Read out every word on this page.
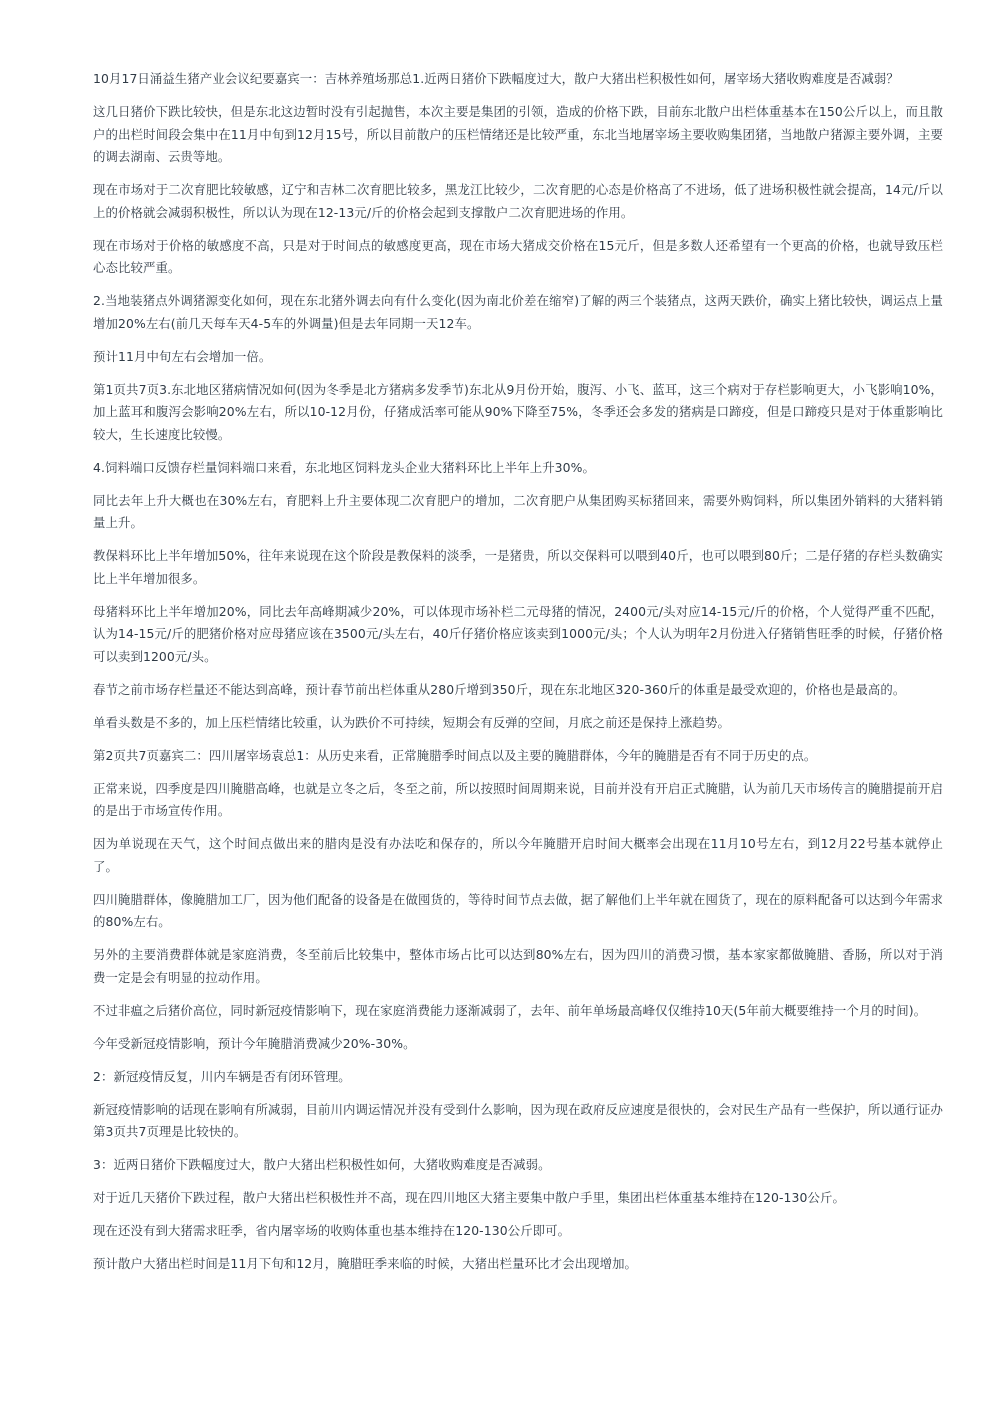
10月17日涌益生猪产业会议纪要嘉宾一：吉林养殖场那总1.近两日猪价下跌幅度过大，散户大猪出栏积极性如何，屠宰场大猪收购难度是否减弱？

这几日猪价下跌比较快，但是东北这边暂时没有引起抛售，本次主要是集团的引领，造成的价格下跌，目前东北散户出栏体重基本在150公斤以上，而且散户的出栏时间段会集中在11月中旬到12月15号，所以目前散户的压栏情绪还是比较严重，东北当地屠宰场主要收购集团猪，当地散户猪源主要外调，主要的调去湖南、云贵等地。

现在市场对于二次育肥比较敏感，辽宁和吉林二次育肥比较多，黑龙江比较少，二次育肥的心态是价格高了不进场，低了进场积极性就会提高，14元/斤以上的价格就会减弱积极性，所以认为现在12-13元/斤的价格会起到支撑散户二次育肥进场的作用。

现在市场对于价格的敏感度不高，只是对于时间点的敏感度更高，现在市场大猪成交价格在15元斤，但是多数人还希望有一个更高的价格，也就导致压栏心态比较严重。

2.当地装猪点外调猪源变化如何，现在东北猪外调去向有什么变化(因为南北价差在缩窄)了解的两三个装猪点，这两天跌价，确实上猪比较快，调运点上量增加20%左右(前几天每车天4-5车的外调量)但是去年同期一天12车。

预计11月中旬左右会增加一倍。

第1页共7页3.东北地区猪病情况如何(因为冬季是北方猪病多发季节)东北从9月份开始，腹泻、小飞、蓝耳，这三个病对于存栏影响更大，小飞影响10%，加上蓝耳和腹泻会影响20%左右，所以10-12月份，仔猪成活率可能从90%下降至75%，冬季还会多发的猪病是口蹄疫，但是口蹄疫只是对于体重影响比较大，生长速度比较慢。

4.饲料端口反馈存栏量饲料端口来看，东北地区饲料龙头企业大猪料环比上半年上升30%。

同比去年上升大概也在30%左右，育肥料上升主要体现二次育肥户的增加，二次育肥户从集团购买标猪回来，需要外购饲料，所以集团外销料的大猪料销量上升。

教保料环比上半年增加50%，往年来说现在这个阶段是教保料的淡季，一是猪贵，所以交保料可以喂到40斤，也可以喂到80斤；二是仔猪的存栏头数确实比上半年增加很多。

母猪料环比上半年增加20%，同比去年高峰期减少20%，可以体现市场补栏二元母猪的情况，2400元/头对应14-15元/斤的价格，个人觉得严重不匹配，认为14-15元/斤的肥猪价格对应母猪应该在3500元/头左右，40斤仔猪价格应该卖到1000元/头；个人认为明年2月份进入仔猪销售旺季的时候，仔猪价格可以卖到1200元/头。

春节之前市场存栏量还不能达到高峰，预计春节前出栏体重从280斤增到350斤，现在东北地区320-360斤的体重是最受欢迎的，价格也是最高的。

单看头数是不多的，加上压栏情绪比较重，认为跌价不可持续，短期会有反弹的空间，月底之前还是保持上涨趋势。

第2页共7页嘉宾二：四川屠宰场袁总1：从历史来看，正常腌腊季时间点以及主要的腌腊群体，今年的腌腊是否有不同于历史的点。

正常来说，四季度是四川腌腊高峰，也就是立冬之后，冬至之前，所以按照时间周期来说，目前并没有开启正式腌腊，认为前几天市场传言的腌腊提前开启的是出于市场宣传作用。

因为单说现在天气，这个时间点做出来的腊肉是没有办法吃和保存的，所以今年腌腊开启时间大概率会出现在11月10号左右，到12月22号基本就停止了。

四川腌腊群体，像腌腊加工厂，因为他们配备的设备是在做囤货的，等待时间节点去做，据了解他们上半年就在囤货了，现在的原料配备可以达到今年需求的80%左右。

另外的主要消费群体就是家庭消费，冬至前后比较集中，整体市场占比可以达到80%左右，因为四川的消费习惯，基本家家都做腌腊、香肠，所以对于消费一定是会有明显的拉动作用。

不过非瘟之后猪价高位，同时新冠疫情影响下，现在家庭消费能力逐渐减弱了，去年、前年单场最高峰仅仅维持10天(5年前大概要维持一个月的时间)。

今年受新冠疫情影响，预计今年腌腊消费减少20%-30%。

2：新冠疫情反复，川内车辆是否有闭环管理。

新冠疫情影响的话现在影响有所减弱，目前川内调运情况并没有受到什么影响，因为现在政府反应速度是很快的，会对民生产品有一些保护，所以通行证办第3页共7页理是比较快的。

3：近两日猪价下跌幅度过大，散户大猪出栏积极性如何，大猪收购难度是否减弱。

对于近几天猪价下跌过程，散户大猪出栏积极性并不高，现在四川地区大猪主要集中散户手里，集团出栏体重基本维持在120-130公斤。

现在还没有到大猪需求旺季，省内屠宰场的收购体重也基本维持在120-130公斤即可。

预计散户大猪出栏时间是11月下旬和12月，腌腊旺季来临的时候，大猪出栏量环比才会出现增加。
